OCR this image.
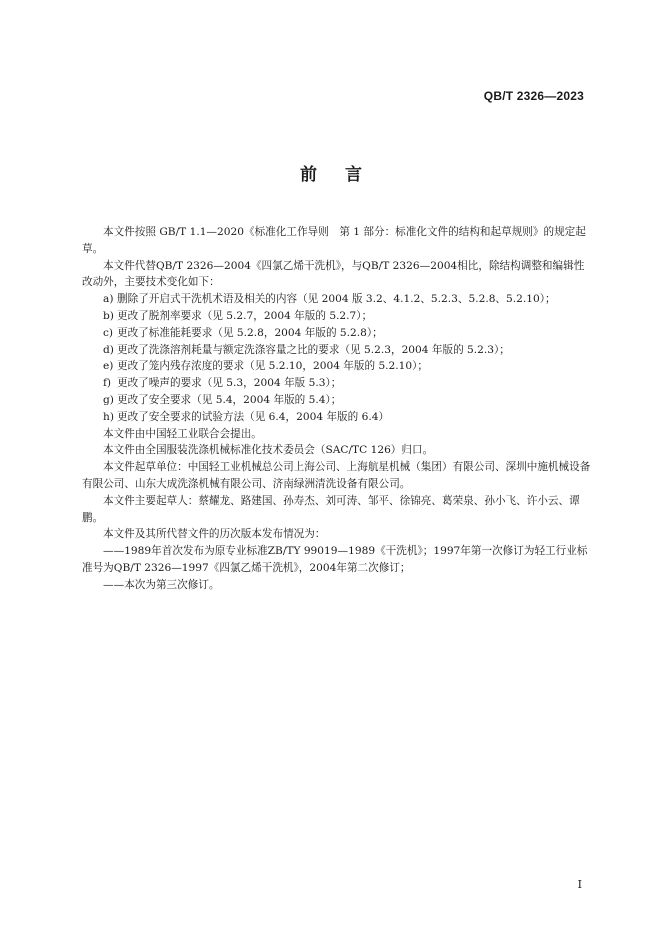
QB/T 2326—2023
前 言

本文件按照 GB/T 1.1—2020《标准化工作导则　第 1 部分：标准化文件的结构和起草规则》的规定起草。

本文件代替QB/T 2326—2004《四氯乙烯干洗机》，与QB/T 2326—2004相比，除结构调整和编辑性改动外，主要技术变化如下：

a) 删除了开启式干洗机术语及相关的内容（见 2004 版 3.2、4.1.2、5.2.3、5.2.8、5.2.10）；

b) 更改了脱剂率要求（见 5.2.7，2004 年版的 5.2.7）；

c) 更改了标准能耗要求（见 5.2.8，2004 年版的 5.2.8）；

d) 更改了洗涤溶剂耗量与额定洗涤容量之比的要求（见 5.2.3，2004 年版的 5.2.3）；

e) 更改了笼内残存浓度的要求（见 5.2.10，2004 年版的 5.2.10）；

f) 更改了噪声的要求（见 5.3，2004 年版 5.3）；

g) 更改了安全要求（见 5.4，2004 年版的 5.4）；

h) 更改了安全要求的试验方法（见 6.4，2004 年版的 6.4）

本文件由中国轻工业联合会提出。

本文件由全国服装洗涤机械标准化技术委员会（SAC/TC 126）归口。

本文件起草单位：中国轻工业机械总公司上海公司、上海航星机械（集团）有限公司、深圳中施机械设备有限公司、山东大成洗涤机械有限公司、济南绿洲清洗设备有限公司。

本文件主要起草人：蔡耀龙、路建国、孙寿杰、刘可涛、邹平、徐锦亮、葛荣泉、孙小飞、许小云、谭鹏。

本文件及其所代替文件的历次版本发布情况为：

——1989年首次发布为原专业标准ZB/TY 99019—1989《干洗机》；1997年第一次修订为轻工行业标准号为QB/T 2326—1997《四氯乙烯干洗机》，2004年第二次修订；

——本次为第三次修订。

I
